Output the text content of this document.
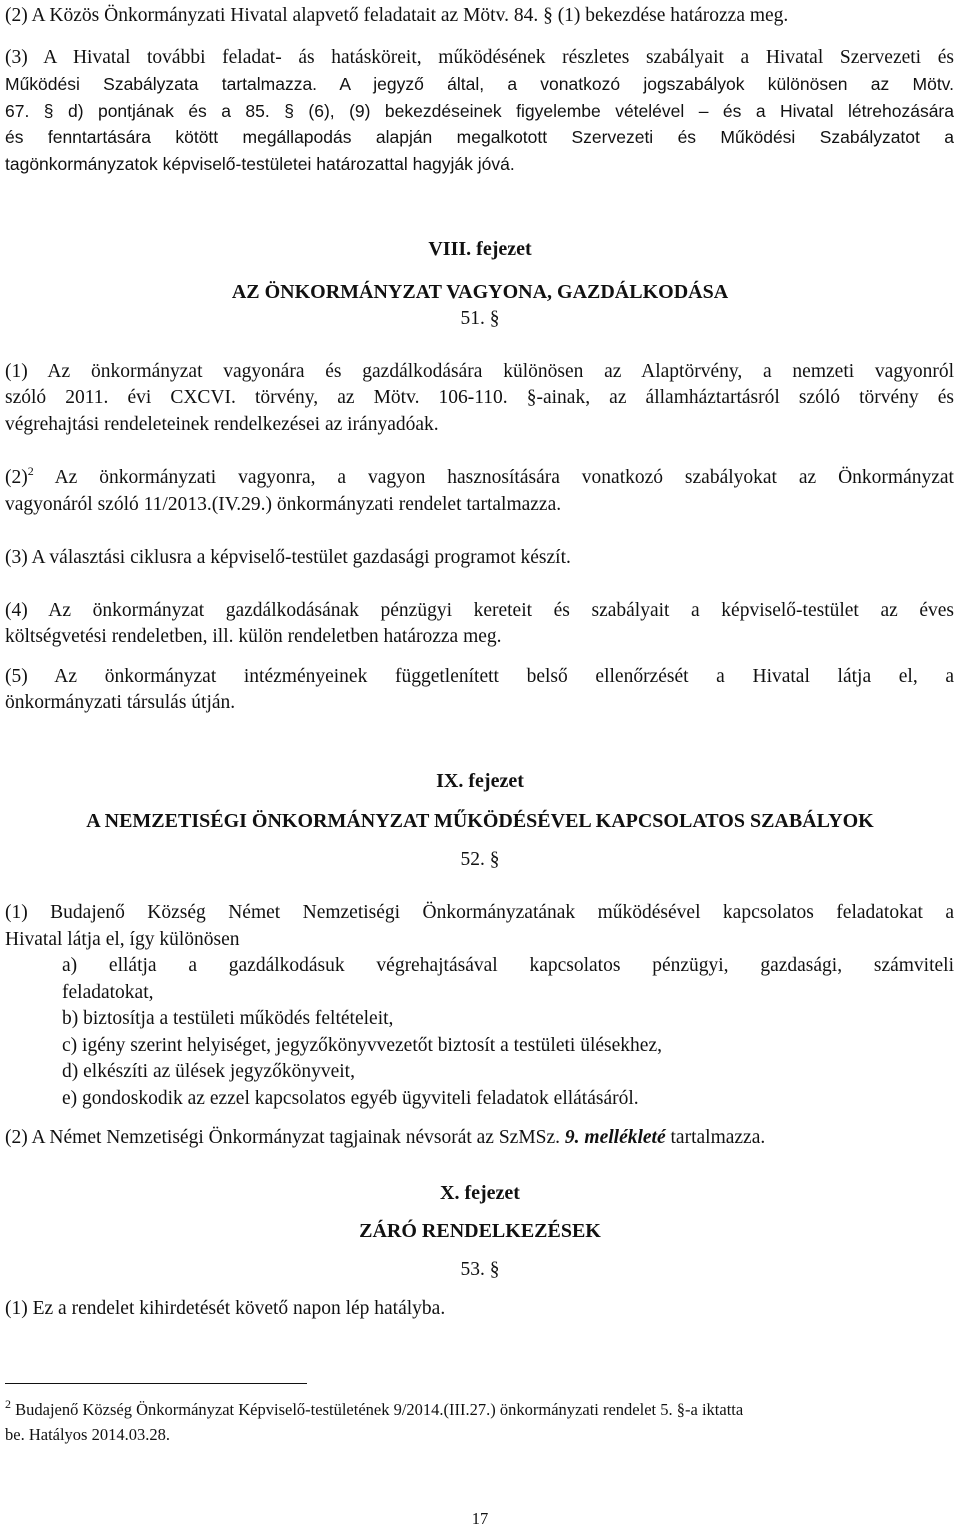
(2) A Közös Önkormányzati Hivatal alapvető feladatait az Mötv. 84. § (1) bekezdése határozza meg.
(3) A Hivatal további feladat- ás hatásköreit, működésének részletes szabályait a Hivatal Szervezeti és
Működési Szabályzata tartalmazza. A jegyző által, a vonatkozó jogszabályok különösen az Mötv.
67. § d) pontjának és a 85. § (6), (9) bekezdéseinek figyelembe vételével – és a Hivatal létrehozására
és fenntartására kötött megállapodás alapján megalkotott Szervezeti és Működési Szabályzatot a
tagönkormányzatok képviselő-testületei határozattal hagyják jóvá.
VIII. fejezet
AZ ÖNKORMÁNYZAT VAGYONA, GAZDÁLKODÁSA
51. §
(1) Az önkormányzat vagyonára és gazdálkodására különösen az Alaptörvény, a nemzeti vagyonról
szóló 2011. évi CXCVI. törvény, az Mötv. 106-110. §-ainak, az államháztartásról szóló törvény és
végrehajtási rendeleteinek rendelkezései az irányadóak.
$(2)^2$ Az önkormányzati vagyonra, a vagyon hasznosítására vonatkozó szabályokat az Önkormányzat
vagyonáról szóló 11/2013.(IV.29.) önkormányzati rendelet tartalmazza.
(3) A választási ciklusra a képviselő-testület gazdasági programot készít.
(4) Az önkormányzat gazdálkodásának pénzügyi kereteit és szabályait a képviselő-testület az éves
költségvetési rendeletben, ill. külön rendeletben határozza meg.
(5) Az önkormányzat intézményeinek függetlenített belső ellenőrzését a Hivatal látja el, a
önkormányzati társulás útján.
IX. fejezet
A NEMZETISÉGI ÖNKORMÁNYZAT MŰKÖDÉSÉVEL KAPCSOLATOS SZABÁLYOK
52. §
(1) Budajenő Község Német Nemzetiségi Önkormányzatának működésével kapcsolatos feladatokat a
Hivatal látja el, így különösen
a) ellátja a gazdálkodásuk végrehajtásával kapcsolatos pénzügyi, gazdasági, számviteli
feladatokat,
b) biztosítja a testületi működés feltételeit,
c) igény szerint helyiséget, jegyzőkönyvvezetőt biztosít a testületi ülésekhez,
d) elkészíti az ülések jegyzőkönyveit,
e) gondoskodik az ezzel kapcsolatos egyéb ügyviteli feladatok ellátásáról.
(2) A Német Nemzetiségi Önkormányzat tagjainak névsorát az SzMSz. 9. mellékleté tartalmazza.
X. fejezet
ZÁRÓ RENDELKEZÉSEK
53. §
(1) Ez a rendelet kihirdetését követő napon lép hatályba.
$^2$ Budajenő Község Önkormányzat Képviselő-testületének 9/2014.(III.27.) önkormányzati rendelet 5. §-a iktatta
be. Hatályos 2014.03.28.
17
